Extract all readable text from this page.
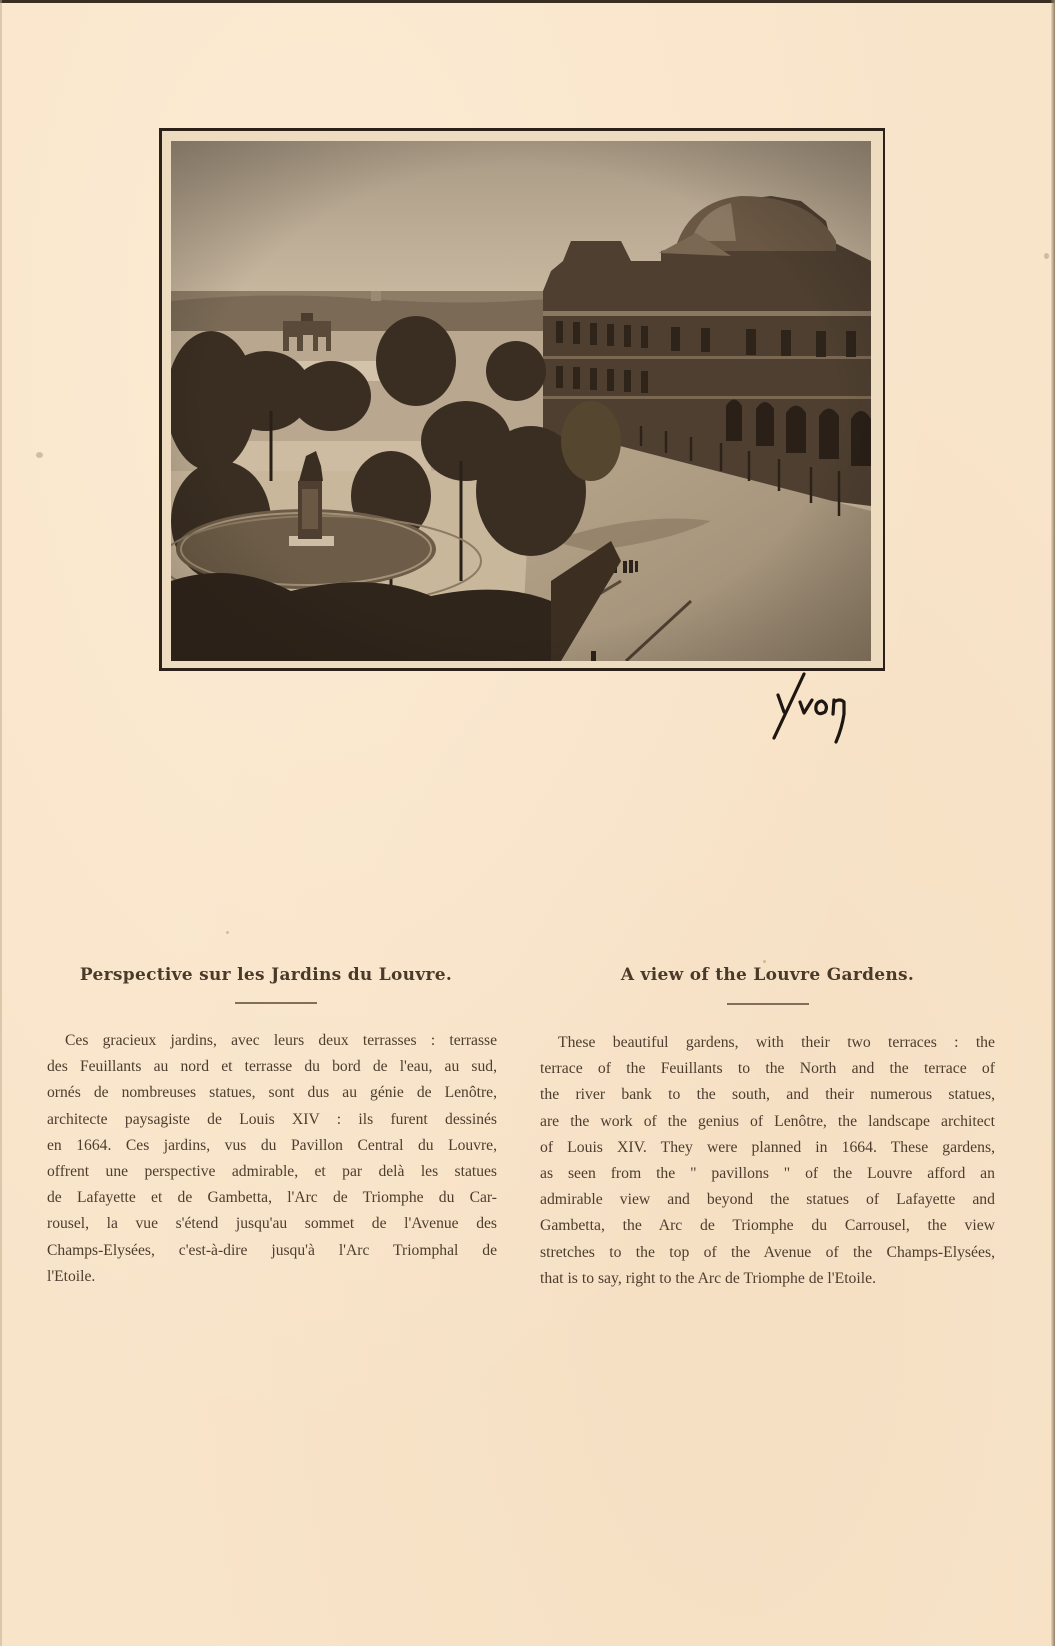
Perspective sur les Jardins du Louvre.

Ces gracieux jardins, avec leurs deux terrasses : terrasse
des Feuillants au nord et terrasse du bord de l'eau, au sud,
ornés de nombreuses statues, sont dus au génie de Lenôtre,
architecte paysagiste de Louis XIV : ils furent dessinés
en 1664. Ces jardins, vus du Pavillon Central du Louvre,
offrent une perspective admirable, et par delà les statues
de Lafayette et de Gambetta, l'Arc de Triomphe du Car-
rousel, la vue s'étend jusqu'au sommet de l'Avenue des
Champs-Elysées, c'est-à-dire jusqu'à l'Arc Triomphal de
l'Etoile.

A view of the Louvre Gardens.

These beautiful gardens, with their two terraces : the
terrace of the Feuillants to the North and the terrace of
the river bank to the south, and their numerous statues,
are the work of the genius of Lenôtre, the landscape architect
of Louis XIV. They were planned in 1664. These gardens,
as seen from the " pavillons " of the Louvre afford an
admirable view and beyond the statues of Lafayette and
Gambetta, the Arc de Triomphe du Carrousel, the view
stretches to the top of the Avenue of the Champs-Elysées,
that is to say, right to the Arc de Triomphe de l'Etoile.
